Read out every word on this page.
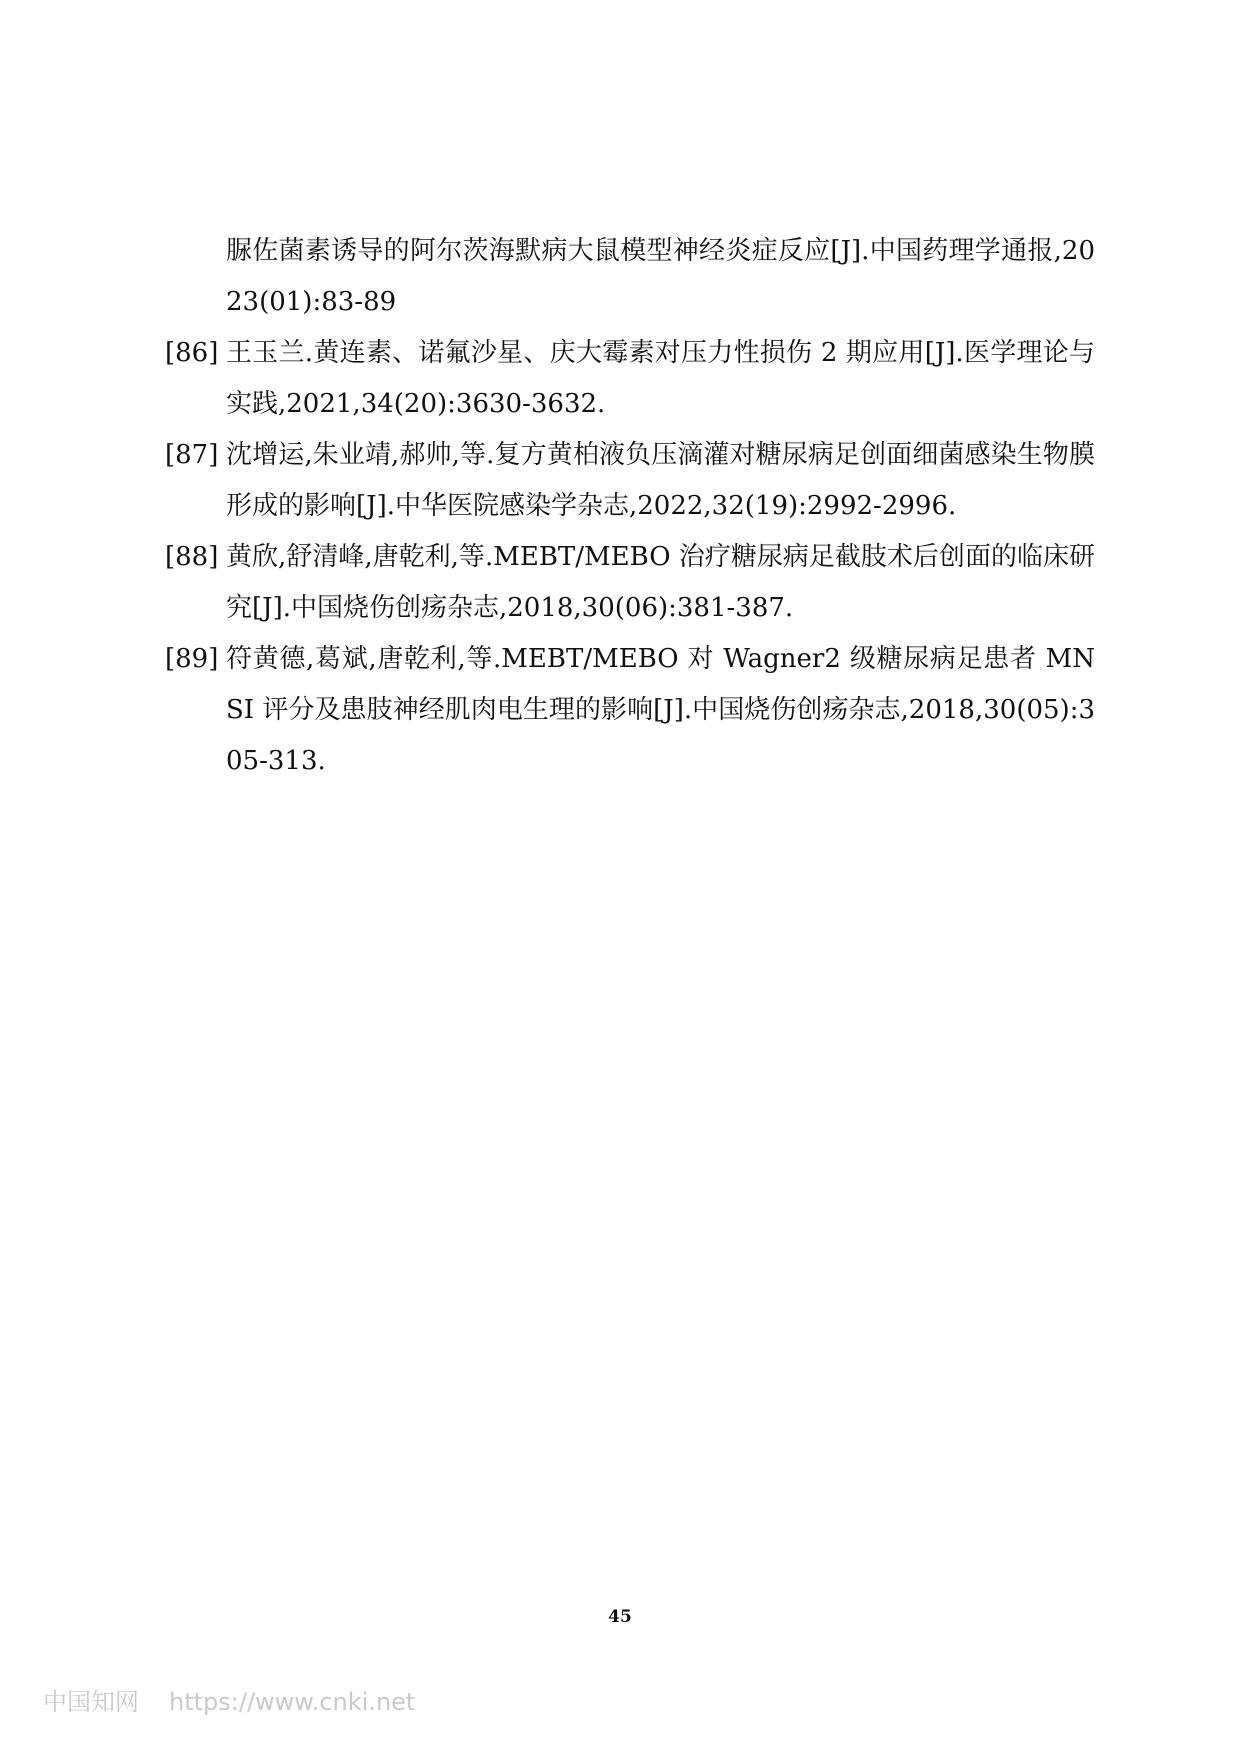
脲佐菌素诱导的阿尔茨海默病大鼠模型神经炎症反应[J].中国药理学通报,2023(01):83-89
[86] 王玉兰.黄连素、诺氟沙星、庆大霉素对压力性损伤 2 期应用[J].医学理论与实践,2021,34(20):3630-3632.
[87] 沈增运,朱业靖,郝帅,等.复方黄柏液负压滴灌对糖尿病足创面细菌感染生物膜形成的影响[J].中华医院感染学杂志,2022,32(19):2992-2996.
[88] 黄欣,舒清峰,唐乾利,等.MEBT/MEBO 治疗糖尿病足截肢术后创面的临床研究[J].中国烧伤创疡杂志,2018,30(06):381-387.
[89] 符黄德,葛斌,唐乾利,等.MEBT/MEBO 对 Wagner2 级糖尿病足患者 MNSI 评分及患肢神经肌肉电生理的影响[J].中国烧伤创疡杂志,2018,30(05):305-313.
45
中国知网 https://www.cnki.net
